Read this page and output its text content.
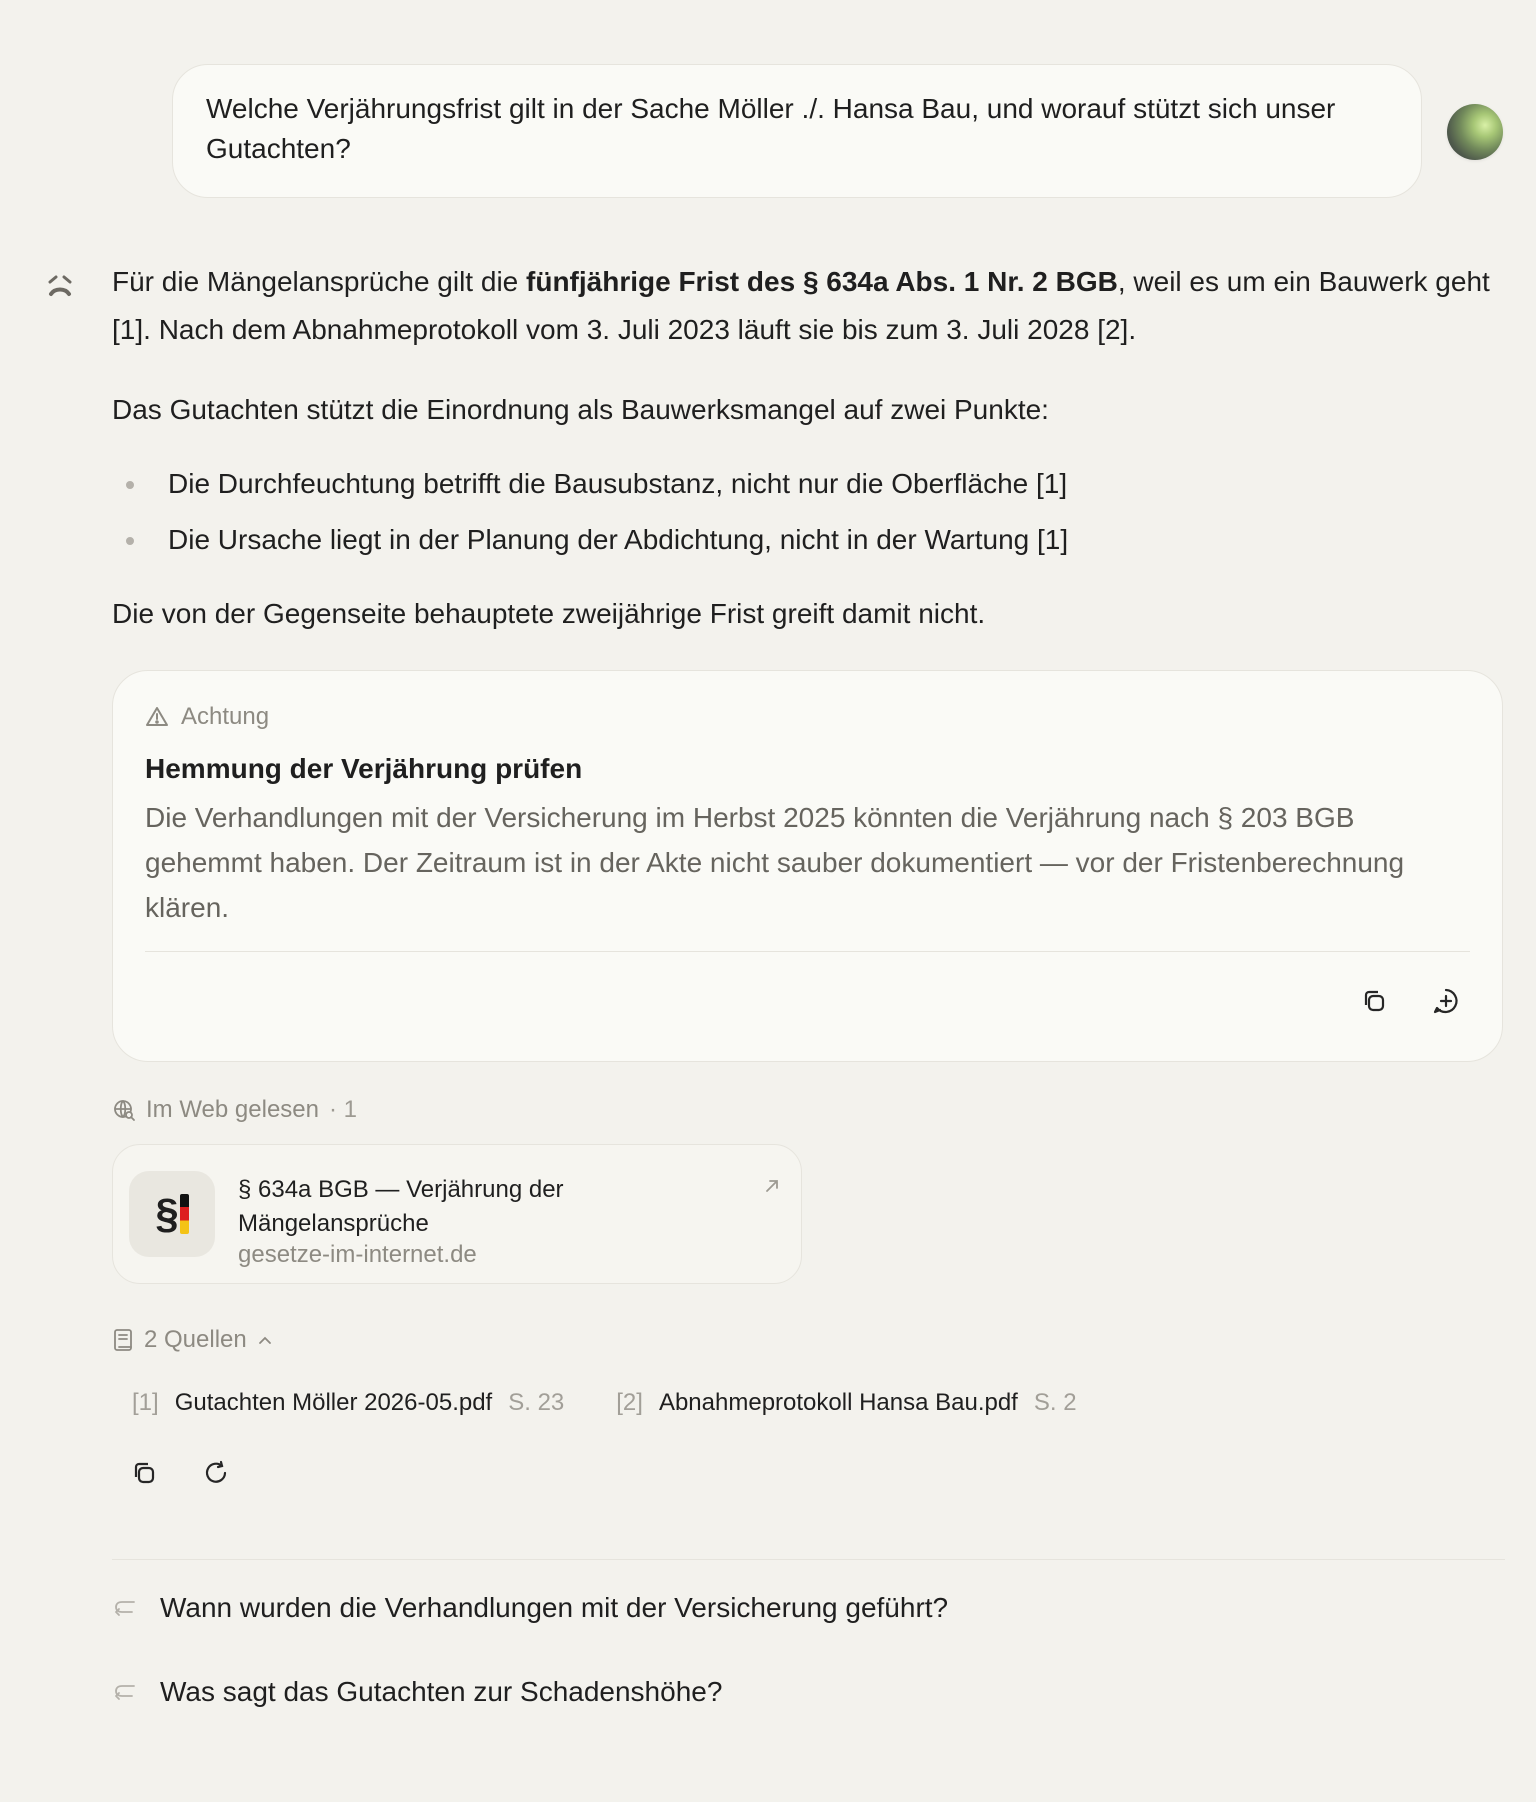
Welche Verjährungsfrist gilt in der Sache Möller ./. Hansa Bau, und worauf stützt sich unser Gutachten?

Für die Mängelansprüche gilt die fünfjährige Frist des § 634a Abs. 1 Nr. 2 BGB, weil es um ein Bauwerk geht [1]. Nach dem Abnahmeprotokoll vom 3. Juli 2023 läuft sie bis zum 3. Juli 2028 [2].

Das Gutachten stützt die Einordnung als Bauwerksmangel auf zwei Punkte:

Die Durchfeuchtung betrifft die Bausubstanz, nicht nur die Oberfläche [1]
Die Ursache liegt in der Planung der Abdichtung, nicht in der Wartung [1]

Die von der Gegenseite behauptete zweijährige Frist greift damit nicht.

Achtung
Hemmung der Verjährung prüfen
Die Verhandlungen mit der Versicherung im Herbst 2025 könnten die Verjährung nach § 203 BGB gehemmt haben. Der Zeitraum ist in der Akte nicht sauber dokumentiert — vor der Fristenberechnung klären.
Im Web gelesen · 1
§
§ 634a BGB — Verjährung der Mängelansprüche
gesetze-im-internet.de
2 Quellen
[1] Gutachten Möller 2026-05.pdf S. 23 [2] Abnahmeprotokoll Hansa Bau.pdf S. 2
Wann wurden die Verhandlungen mit der Versicherung geführt?
Was sagt das Gutachten zur Schadenshöhe?
